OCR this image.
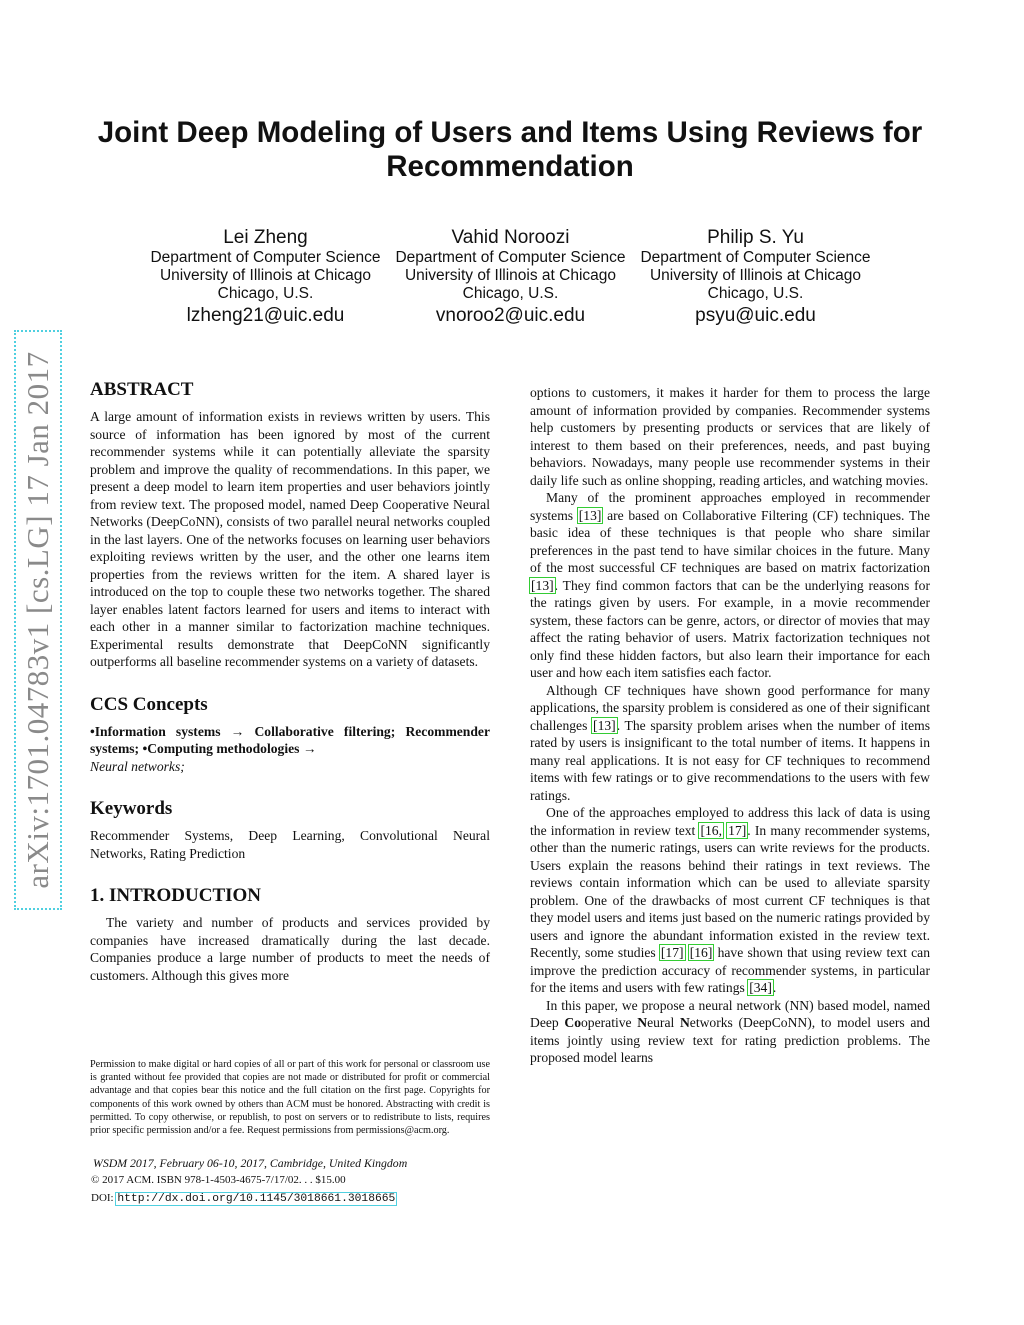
arXiv:1701.04783v1 [cs.LG] 17 Jan 2017
Joint Deep Modeling of Users and Items Using Reviews for Recommendation
Lei Zheng
Department of Computer Science
University of Illinois at Chicago
Chicago, U.S.
lzheng21@uic.edu
Vahid Noroozi
Department of Computer Science
University of Illinois at Chicago
Chicago, U.S.
vnoroo2@uic.edu
Philip S. Yu
Department of Computer Science
University of Illinois at Chicago
Chicago, U.S.
psyu@uic.edu
ABSTRACT

A large amount of information exists in reviews written by users. This source of information has been ignored by most of the current recommender systems while it can potentially alleviate the sparsity problem and improve the quality of recommendations. In this paper, we present a deep model to learn item properties and user behaviors jointly from review text. The proposed model, named Deep Cooperative Neural Networks (DeepCoNN), consists of two parallel neural networks coupled in the last layers. One of the networks focuses on learning user behaviors exploiting reviews written by the user, and the other one learns item properties from the reviews written for the item. A shared layer is introduced on the top to couple these two networks together. The shared layer enables latent factors learned for users and items to interact with each other in a manner similar to factorization machine techniques. Experimental results demonstrate that DeepCoNN significantly outperforms all baseline recommender systems on a variety of datasets.

CCS Concepts

•Information systems → Collaborative filtering; Recommender systems; •Computing methodologies →
Neural networks;

Keywords

Recommender Systems, Deep Learning, Convolutional Neural Networks, Rating Prediction

1. INTRODUCTION

The variety and number of products and services provided by companies have increased dramatically during the last decade. Companies produce a large number of products to meet the needs of customers. Although this gives more

options to customers, it makes it harder for them to process the large amount of information provided by companies. Recommender systems help customers by presenting products or services that are likely of interest to them based on their preferences, needs, and past buying behaviors. Nowadays, many people use recommender systems in their daily life such as online shopping, reading articles, and watching movies.

Many of the prominent approaches employed in recommender systems [13] are based on Collaborative Filtering (CF) techniques. The basic idea of these techniques is that people who share similar preferences in the past tend to have similar choices in the future. Many of the most successful CF techniques are based on matrix factorization [13]. They find common factors that can be the underlying reasons for the ratings given by users. For example, in a movie recommender system, these factors can be genre, actors, or director of movies that may affect the rating behavior of users. Matrix factorization techniques not only find these hidden factors, but also learn their importance for each user and how each item satisfies each factor.

Although CF techniques have shown good performance for many applications, the sparsity problem is considered as one of their significant challenges [13]. The sparsity problem arises when the number of items rated by users is insignificant to the total number of items. It happens in many real applications. It is not easy for CF techniques to recommend items with few ratings or to give recommendations to the users with few ratings.

One of the approaches employed to address this lack of data is using the information in review text [16, 17]. In many recommender systems, other than the numeric ratings, users can write reviews for the products. Users explain the reasons behind their ratings in text reviews. The reviews contain information which can be used to alleviate sparsity problem. One of the drawbacks of most current CF techniques is that they model users and items just based on the numeric ratings provided by users and ignore the abundant information existed in the review text. Recently, some studies [17] [16] have shown that using review text can improve the prediction accuracy of recommender systems, in particular for the items and users with few ratings [34].

In this paper, we propose a neural network (NN) based model, named Deep Cooperative Neural Networks (DeepCoNN), to model users and items jointly using review text for rating prediction problems. The proposed model learns

Permission to make digital or hard copies of all or part of this work for personal or classroom use is granted without fee provided that copies are not made or distributed for profit or commercial advantage and that copies bear this notice and the full citation on the first page. Copyrights for components of this work owned by others than ACM must be honored. Abstracting with credit is permitted. To copy otherwise, or republish, to post on servers or to redistribute to lists, requires prior specific permission and/or a fee. Request permissions from permissions@acm.org.
WSDM 2017, February 06-10, 2017, Cambridge, United Kingdom
© 2017 ACM. ISBN 978-1-4503-4675-7/17/02. . . $15.00
DOI: http://dx.doi.org/10.1145/3018661.3018665
